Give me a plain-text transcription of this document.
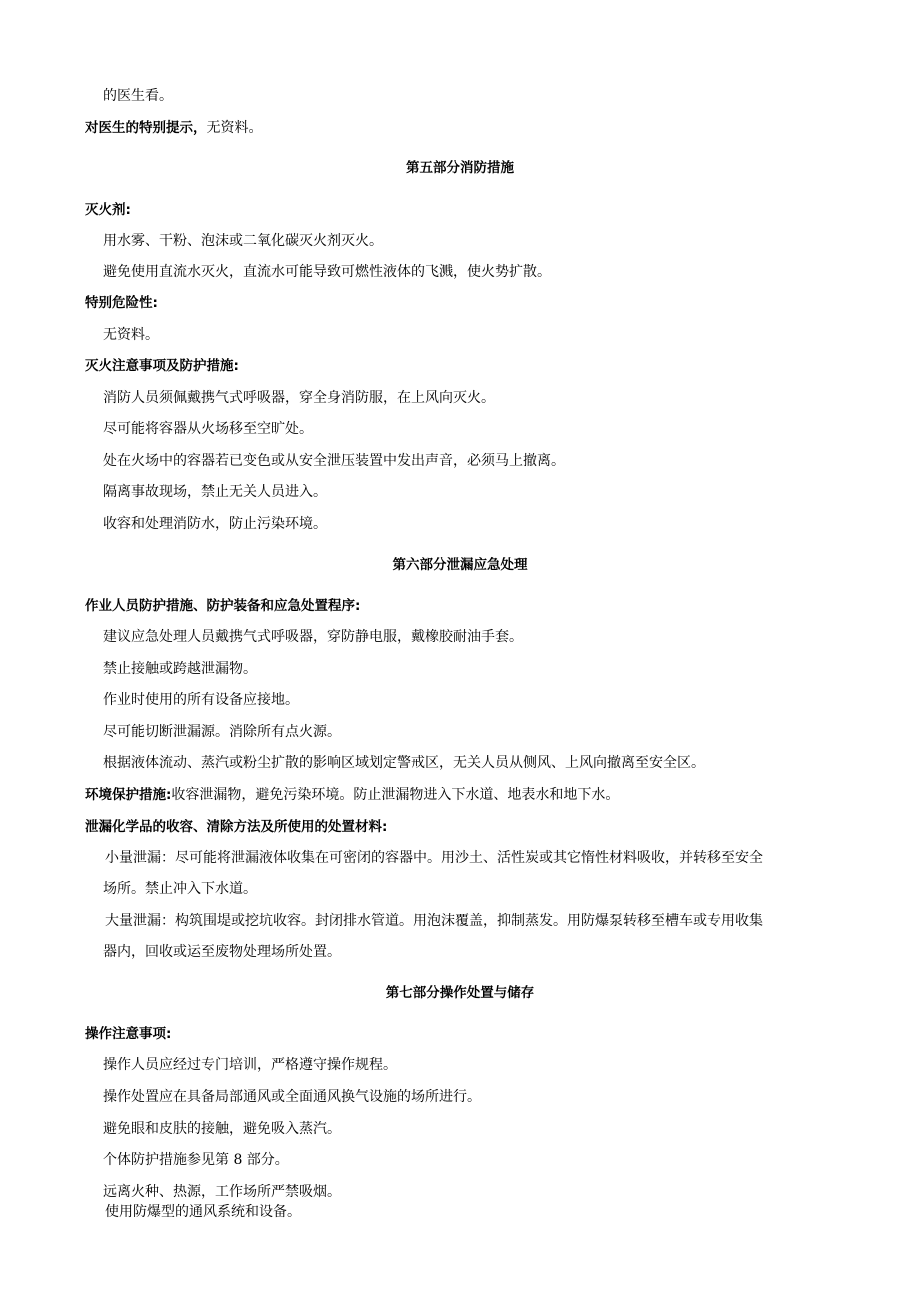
的医生看。
对医生的特别提示，无资料。
第五部分消防措施
灭火剂:
用水雾、干粉、泡沫或二氧化碳灭火剂灭火。
避免使用直流水灭火，直流水可能导致可燃性液体的飞溅，使火势扩散。
特别危险性:
无资料。
灭火注意事项及防护措施:
消防人员须佩戴携气式呼吸器，穿全身消防服，在上风向灭火。
尽可能将容器从火场移至空旷处。
处在火场中的容器若已变色或从安全泄压装置中发出声音，必须马上撤离。
隔离事故现场，禁止无关人员进入。
收容和处理消防水，防止污染环境。
第六部分泄漏应急处理
作业人员防护措施、防护装备和应急处置程序:
建议应急处理人员戴携气式呼吸器，穿防静电服，戴橡胶耐油手套。
禁止接触或跨越泄漏物。
作业时使用的所有设备应接地。
尽可能切断泄漏源。消除所有点火源。
根据液体流动、蒸汽或粉尘扩散的影响区域划定警戒区，无关人员从侧风、上风向撤离至安全区。
环境保护措施:收容泄漏物，避免污染环境。防止泄漏物进入下水道、地表水和地下水。
泄漏化学品的收容、清除方法及所使用的处置材料:
小量泄漏：尽可能将泄漏液体收集在可密闭的容器中。用沙土、活性炭或其它惰性材料吸收，并转移至安全
场所。禁止冲入下水道。
大量泄漏：构筑围堤或挖坑收容。封闭排水管道。用泡沫覆盖，抑制蒸发。用防爆泵转移至槽车或专用收集
器内，回收或运至废物处理场所处置。
第七部分操作处置与储存
操作注意事项:
操作人员应经过专门培训，严格遵守操作规程。
操作处置应在具备局部通风或全面通风换气设施的场所进行。
避免眼和皮肤的接触，避免吸入蒸汽。
个体防护措施参见第 8 部分。
远离火种、热源，工作场所严禁吸烟。
使用防爆型的通风系统和设备。
